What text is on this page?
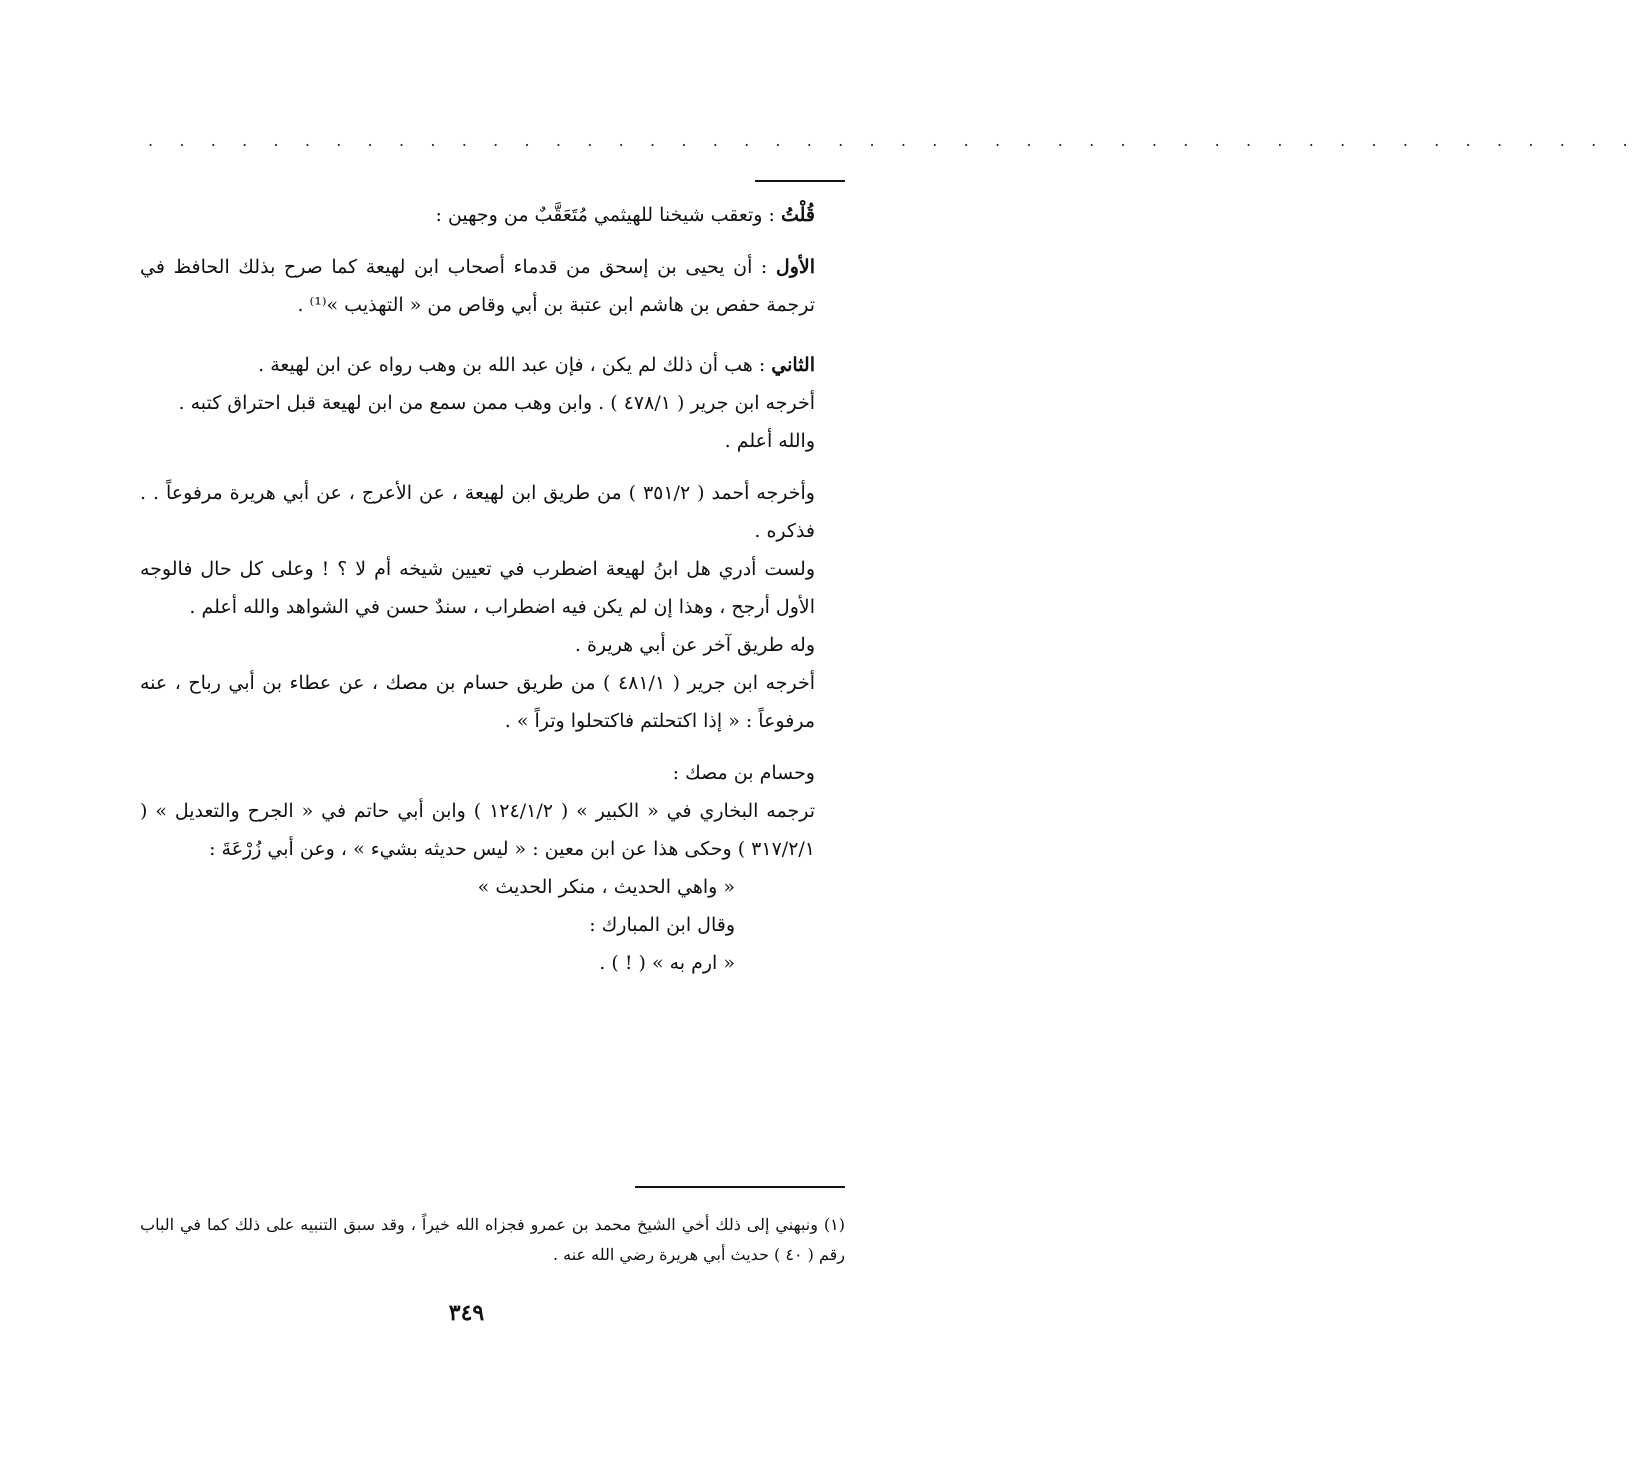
. . . . . . . . . . . . . . . . . . . . . . . . . . . . . . . . . . . . . . . . . . . . . . . .

قُلْتُ : وتعقب شيخنا للهيثمي مُتَعَقَّبٌ من وجهين :

الأول : أن يحيى بن إسحق من قدماء أصحاب ابن لهيعة كما صرح بذلك الحافظ في ترجمة حفص بن هاشم ابن عتبة بن أبي وقاص من « التهذيب »⁽¹⁾ .

الثاني : هب أن ذلك لم يكن ، فإن عبد الله بن وهب رواه عن ابن لهيعة .

أخرجه ابن جرير ( ٤٧٨/١ ) . وابن وهب ممن سمع من ابن لهيعة قبل احتراق كتبه .

والله أعلم .

وأخرجه أحمد ( ٣٥١/٢ ) من طريق ابن لهيعة ، عن الأعرج ، عن أبي هريرة مرفوعاً . . فذكره .

ولست أدري هل ابنُ لهيعة اضطرب في تعيين شيخه أم لا ؟ ! وعلى كل حال فالوجه الأول أرجح ، وهذا إن لم يكن فيه اضطراب ، سندٌ حسن في الشواهد والله أعلم .

وله طريق آخر عن أبي هريرة .

أخرجه ابن جرير ( ٤٨١/١ ) من طريق حسام بن مصك ، عن عطاء بن أبي رباح ، عنه مرفوعاً : « إذا اكتحلتم فاكتحلوا وتراً » .

وحسام بن مصك :

ترجمه البخاري في « الكبير » ( ١٢٤/١/٢ ) وابن أبي حاتم في « الجرح والتعديل » ( ٣١٧/٢/١ ) وحكى هذا عن ابن معين : « ليس حديثه بشيء » ، وعن أبي زُرْعَةَ :

« واهي الحديث ، منكر الحديث »

وقال ابن المبارك :

« ارم به » ( ! ) .

(١) ونبهني إلى ذلك أخي الشيخ محمد بن عمرو فجزاه الله خيراً ، وقد سبق التنبيه على ذلك كما في الباب رقم ( ٤٠ ) حديث أبي هريرة رضي الله عنه .

٣٤٩
